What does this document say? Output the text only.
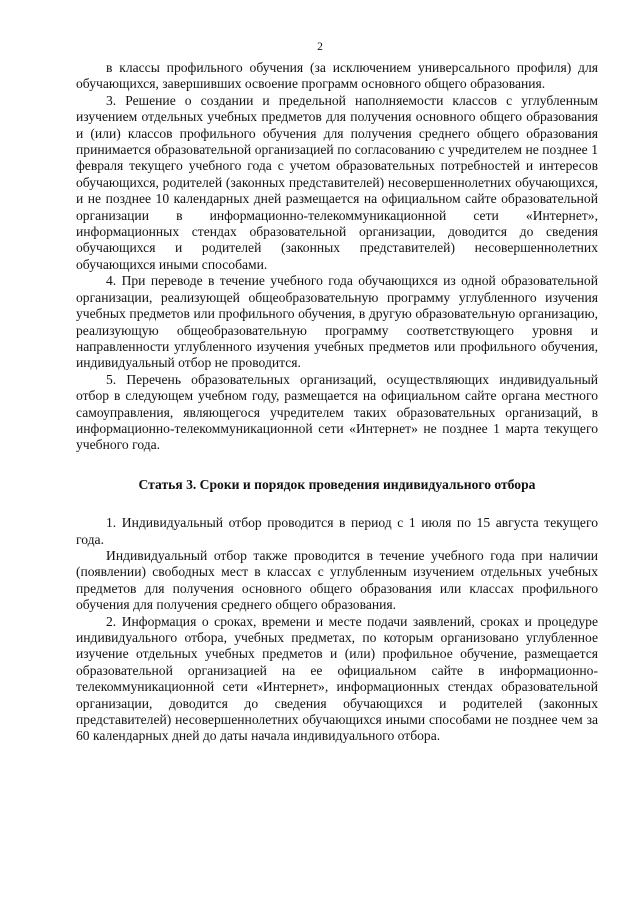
2

в классы профильного обучения (за исключением универсального профиля) для обучающихся, завершивших освоение программ основного общего образования.

3. Решение о создании и предельной наполняемости классов с углубленным изучением отдельных учебных предметов для получения основного общего образования и (или) классов профильного обучения для получения среднего общего образования принимается образовательной организацией по согласованию с учредителем не позднее 1 февраля текущего учебного года с учетом образовательных потребностей и интересов обучающихся, родителей (законных представителей) несовершеннолетних обучающихся, и не позднее 10 календарных дней размещается на официальном сайте образовательной организации в информационно-телекоммуникационной сети «Интернет», информационных стендах образовательной организации, доводится до сведения обучающихся и родителей (законных представителей) несовершеннолетних обучающихся иными способами.

4. При переводе в течение учебного года обучающихся из одной образовательной организации, реализующей общеобразовательную программу углубленного изучения учебных предметов или профильного обучения, в другую образовательную организацию, реализующую общеобразовательную программу соответствующего уровня и направленности углубленного изучения учебных предметов или профильного обучения, индивидуальный отбор не проводится.

5. Перечень образовательных организаций, осуществляющих индивидуальный отбор в следующем учебном году, размещается на официальном сайте органа местного самоуправления, являющегося учредителем таких образовательных организаций, в информационно-телекоммуникационной сети «Интернет» не позднее 1 марта текущего учебного года.

Статья 3. Сроки и порядок проведения индивидуального отбора

1. Индивидуальный отбор проводится в период с 1 июля по 15 августа текущего года.

Индивидуальный отбор также проводится в течение учебного года при наличии (появлении) свободных мест в классах с углубленным изучением отдельных учебных предметов для получения основного общего образования или классах профильного обучения для получения среднего общего образования.

2. Информация о сроках, времени и месте подачи заявлений, сроках и процедуре индивидуального отбора, учебных предметах, по которым организовано углубленное изучение отдельных учебных предметов и (или) профильное обучение, размещается образовательной организацией на ее официальном сайте в информационно-телекоммуникационной сети «Интернет», информационных стендах образовательной организации, доводится до сведения обучающихся и родителей (законных представителей) несовершеннолетних обучающихся иными способами не позднее чем за 60 календарных дней до даты начала индивидуального отбора.
